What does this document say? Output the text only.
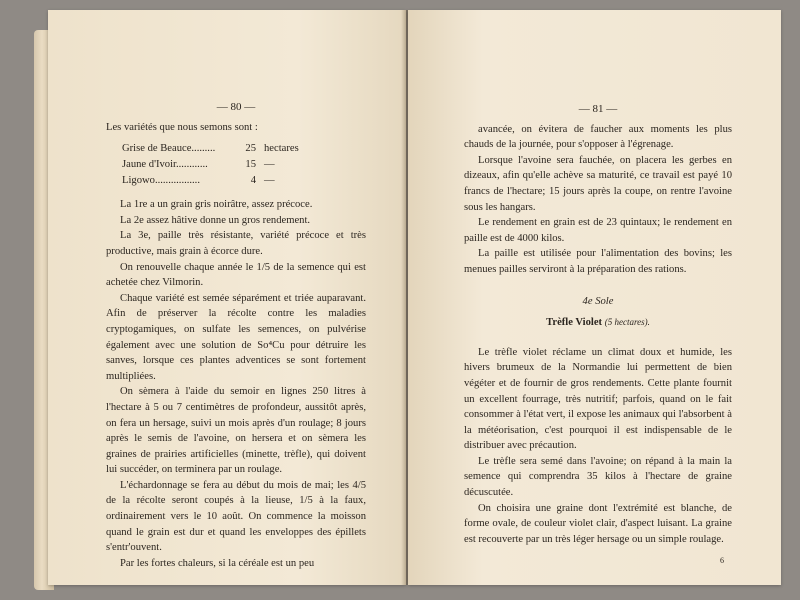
— 80 —

Les variétés que nous semons sont :

Grise de Beauce.........	25 hectares
Jaune d'Ivoir............	15 —
Ligowo.................	4 —

La 1re a un grain gris noirâtre, assez précoce.

La 2e assez hâtive donne un gros rendement.

La 3e, paille très résistante, variété précoce et très productive, mais grain à écorce dure.

On renouvelle chaque année le 1/5 de la semence qui est achetée chez Vilmorin.

Chaque variété est semée séparément et triée auparavant. Afin de préserver la récolte contre les maladies cryptogamiques, on sulfate les semences, on pulvérise également avec une solution de So⁴Cu pour détruire les sanves, lorsque ces plantes adventices se sont fortement multipliées.

On sèmera à l'aide du semoir en lignes 250 litres à l'hectare à 5 ou 7 centimètres de profondeur, aussitôt après, on fera un hersage, suivi un mois après d'un roulage; 8 jours après le semis de l'avoine, on hersera et on sèmera les graines de prairies artificielles (minette, trèfle), qui doivent lui succéder, on terminera par un roulage.

L'échardonnage se fera au début du mois de mai; les 4/5 de la récolte seront coupés à la lieuse, 1/5 à la faux, ordinairement vers le 10 août. On commence la moisson quand le grain est dur et quand les enveloppes des épillets s'entr'ouvent.

Par les fortes chaleurs, si la céréale est un peu

— 81 —

avancée, on évitera de faucher aux moments les plus chauds de la journée, pour s'opposer à l'égrenage.

Lorsque l'avoine sera fauchée, on placera les gerbes en dizeaux, afin qu'elle achève sa maturité, ce travail est payé 10 francs de l'hectare; 15 jours après la coupe, on rentre l'avoine sous les hangars.

Le rendement en grain est de 23 quintaux; le rendement en paille est de 4000 kilos.

La paille est utilisée pour l'alimentation des bovins; les menues pailles serviront à la préparation des rations.

4e Sole
Trèfle Violet (5 hectares).

Le trèfle violet réclame un climat doux et humide, les hivers brumeux de la Normandie lui permettent de bien végéter et de fournir de gros rendements. Cette plante fournit un excellent fourrage, très nutritif; parfois, quand on le fait consommer à l'état vert, il expose les animaux qui l'absorbent à la météorisation, c'est pourquoi il est indispensable de le distribuer avec précaution.

Le trèfle sera semé dans l'avoine; on répand à la main la semence qui comprendra 35 kilos à l'hectare de graine décuscutée.

On choisira une graine dont l'extrémité est blanche, de forme ovale, de couleur violet clair, d'aspect luisant. La graine est recouverte par un très léger hersage ou un simple roulage.

6
